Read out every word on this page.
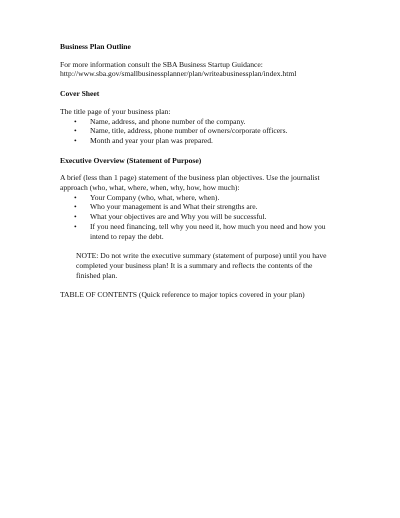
Business Plan Outline

For more information consult the SBA Business Startup Guidance:

http://www.sba.gov/smallbusinessplanner/plan/writeabusinessplan/index.html

Cover Sheet

The title page of your business plan:

• Name, address, and phone number of the company.
• Name, title, address, phone number of owners/corporate officers.
• Month and year your plan was prepared.

Executive Overview (Statement of Purpose)

A brief (less than 1 page) statement of the business plan objectives. Use the journalist

approach (who, what, where, when, why, how, how much):

• Your Company (who, what, where, when).
• Who your management is and What their strengths are.
• What your objectives are and Why you will be successful.
• If you need financing, tell why you need it, how much you need and how you
intend to repay the debt.

NOTE: Do not write the executive summary (statement of purpose) until you have

completed your business plan! It is a summary and reflects the contents of the

finished plan.

TABLE OF CONTENTS (Quick reference to major topics covered in your plan)
